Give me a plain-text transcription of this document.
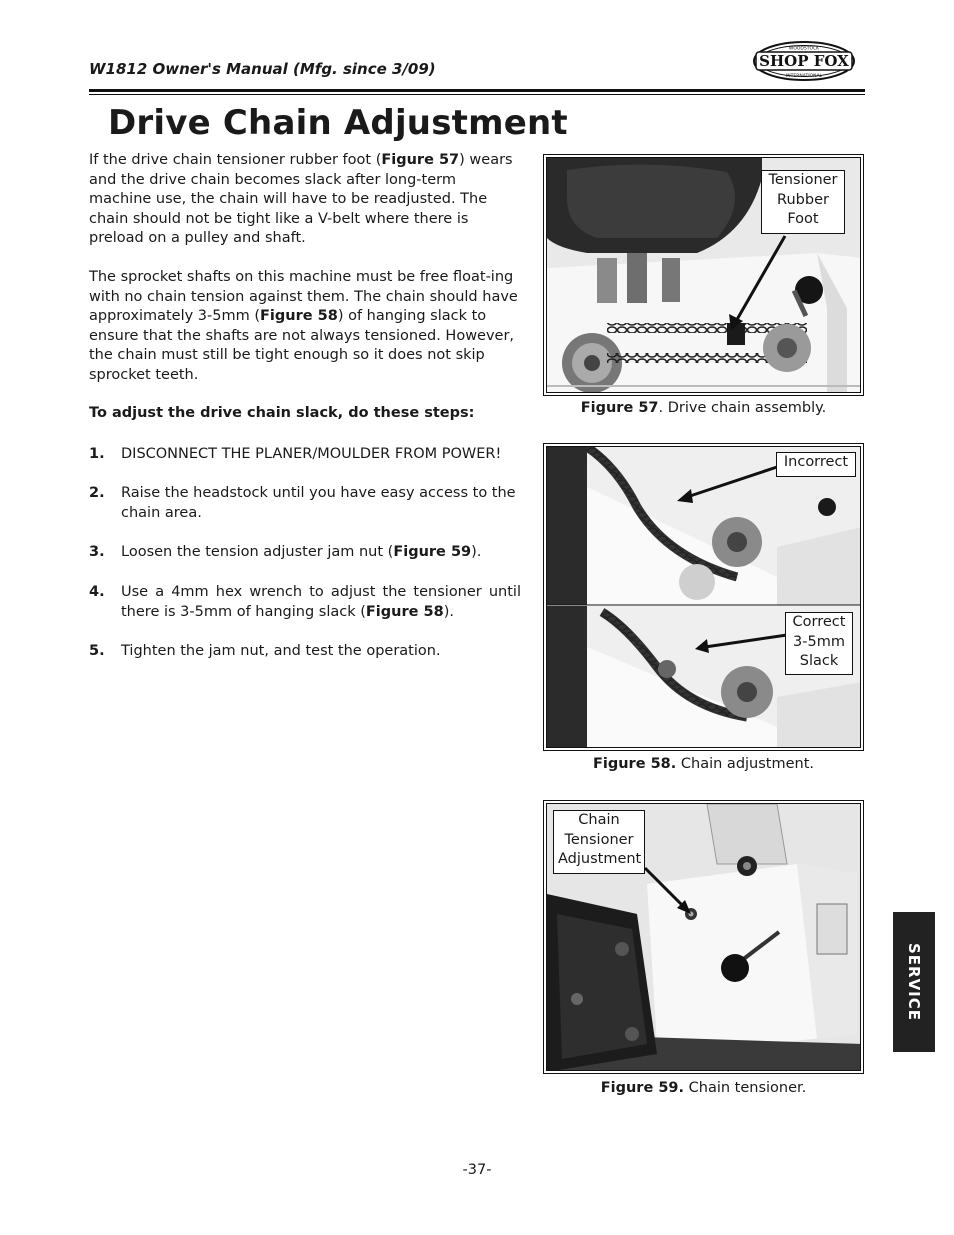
W1812 Owner's Manual (Mfg. since 3/09)	SHOP FOX
WOODSTOCK
INTERNATIONAL
Drive Chain Adjustment

If the drive chain tensioner rubber foot (Figure 57) wears and the drive chain becomes slack after long-term machine use, the chain will have to be readjusted. The chain should not be tight like a V-belt where there is preload on a pulley and shaft.

The sprocket shafts on this machine must be free float-ing with no chain tension against them. The chain should have approximately 3-5mm (Figure 58) of hanging slack to ensure that the shafts are not always tensioned. However, the chain must still be tight enough so it does not skip sprocket teeth.

To adjust the drive chain slack, do these steps:

1. DISCONNECT THE PLANER/MOULDER FROM POWER!
2. Raise the headstock until you have easy access to the chain area.
3. Loosen the tension adjuster jam nut (Figure 59).
4. Use a 4mm hex wrench to adjust the tensioner until there is 3-5mm of hanging slack (Figure 58).
5. Tighten the jam nut, and test the operation.
Tensioner
Rubber
Foot
Figure 57. Drive chain assembly.
Incorrect
Correct
3-5mm
Slack
Figure 58. Chain adjustment.
Chain
Tensioner
Adjustment
Figure 59. Chain tensioner.
SERVICE
-37-
